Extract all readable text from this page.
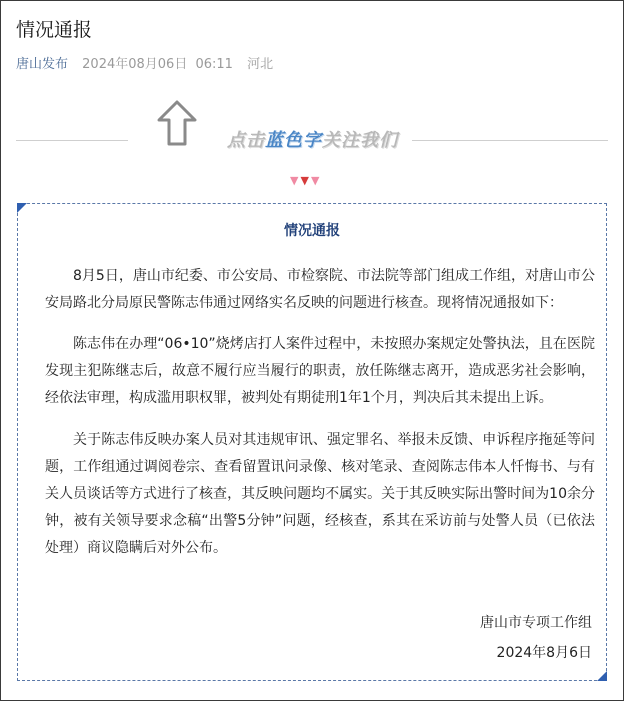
情况通报
唐山发布 2024年08月06日 06:11 河北
点击蓝色字关注我们
▼▼▼
情况通报

8月5日，唐山市纪委、市公安局、市检察院、市法院等部门组成工作组，对唐山市公安局路北分局原民警陈志伟通过网络实名反映的问题进行核查。现将情况通报如下：

陈志伟在办理“06•10”烧烤店打人案件过程中，未按照办案规定处警执法，且在医院发现主犯陈继志后，故意不履行应当履行的职责，放任陈继志离开，造成恶劣社会影响，经依法审理，构成滥用职权罪，被判处有期徒刑1年1个月，判决后其未提出上诉。

关于陈志伟反映办案人员对其违规审讯、强定罪名、举报未反馈、申诉程序拖延等问题，工作组通过调阅卷宗、查看留置讯问录像、核对笔录、查阅陈志伟本人忏悔书、与有关人员谈话等方式进行了核查，其反映问题均不属实。关于其反映实际出警时间为10余分钟，被有关领导要求念稿“出警5分钟”问题，经核查，系其在采访前与处警人员（已依法处理）商议隐瞒后对外公布。

唐山市专项工作组
2024年8月6日
